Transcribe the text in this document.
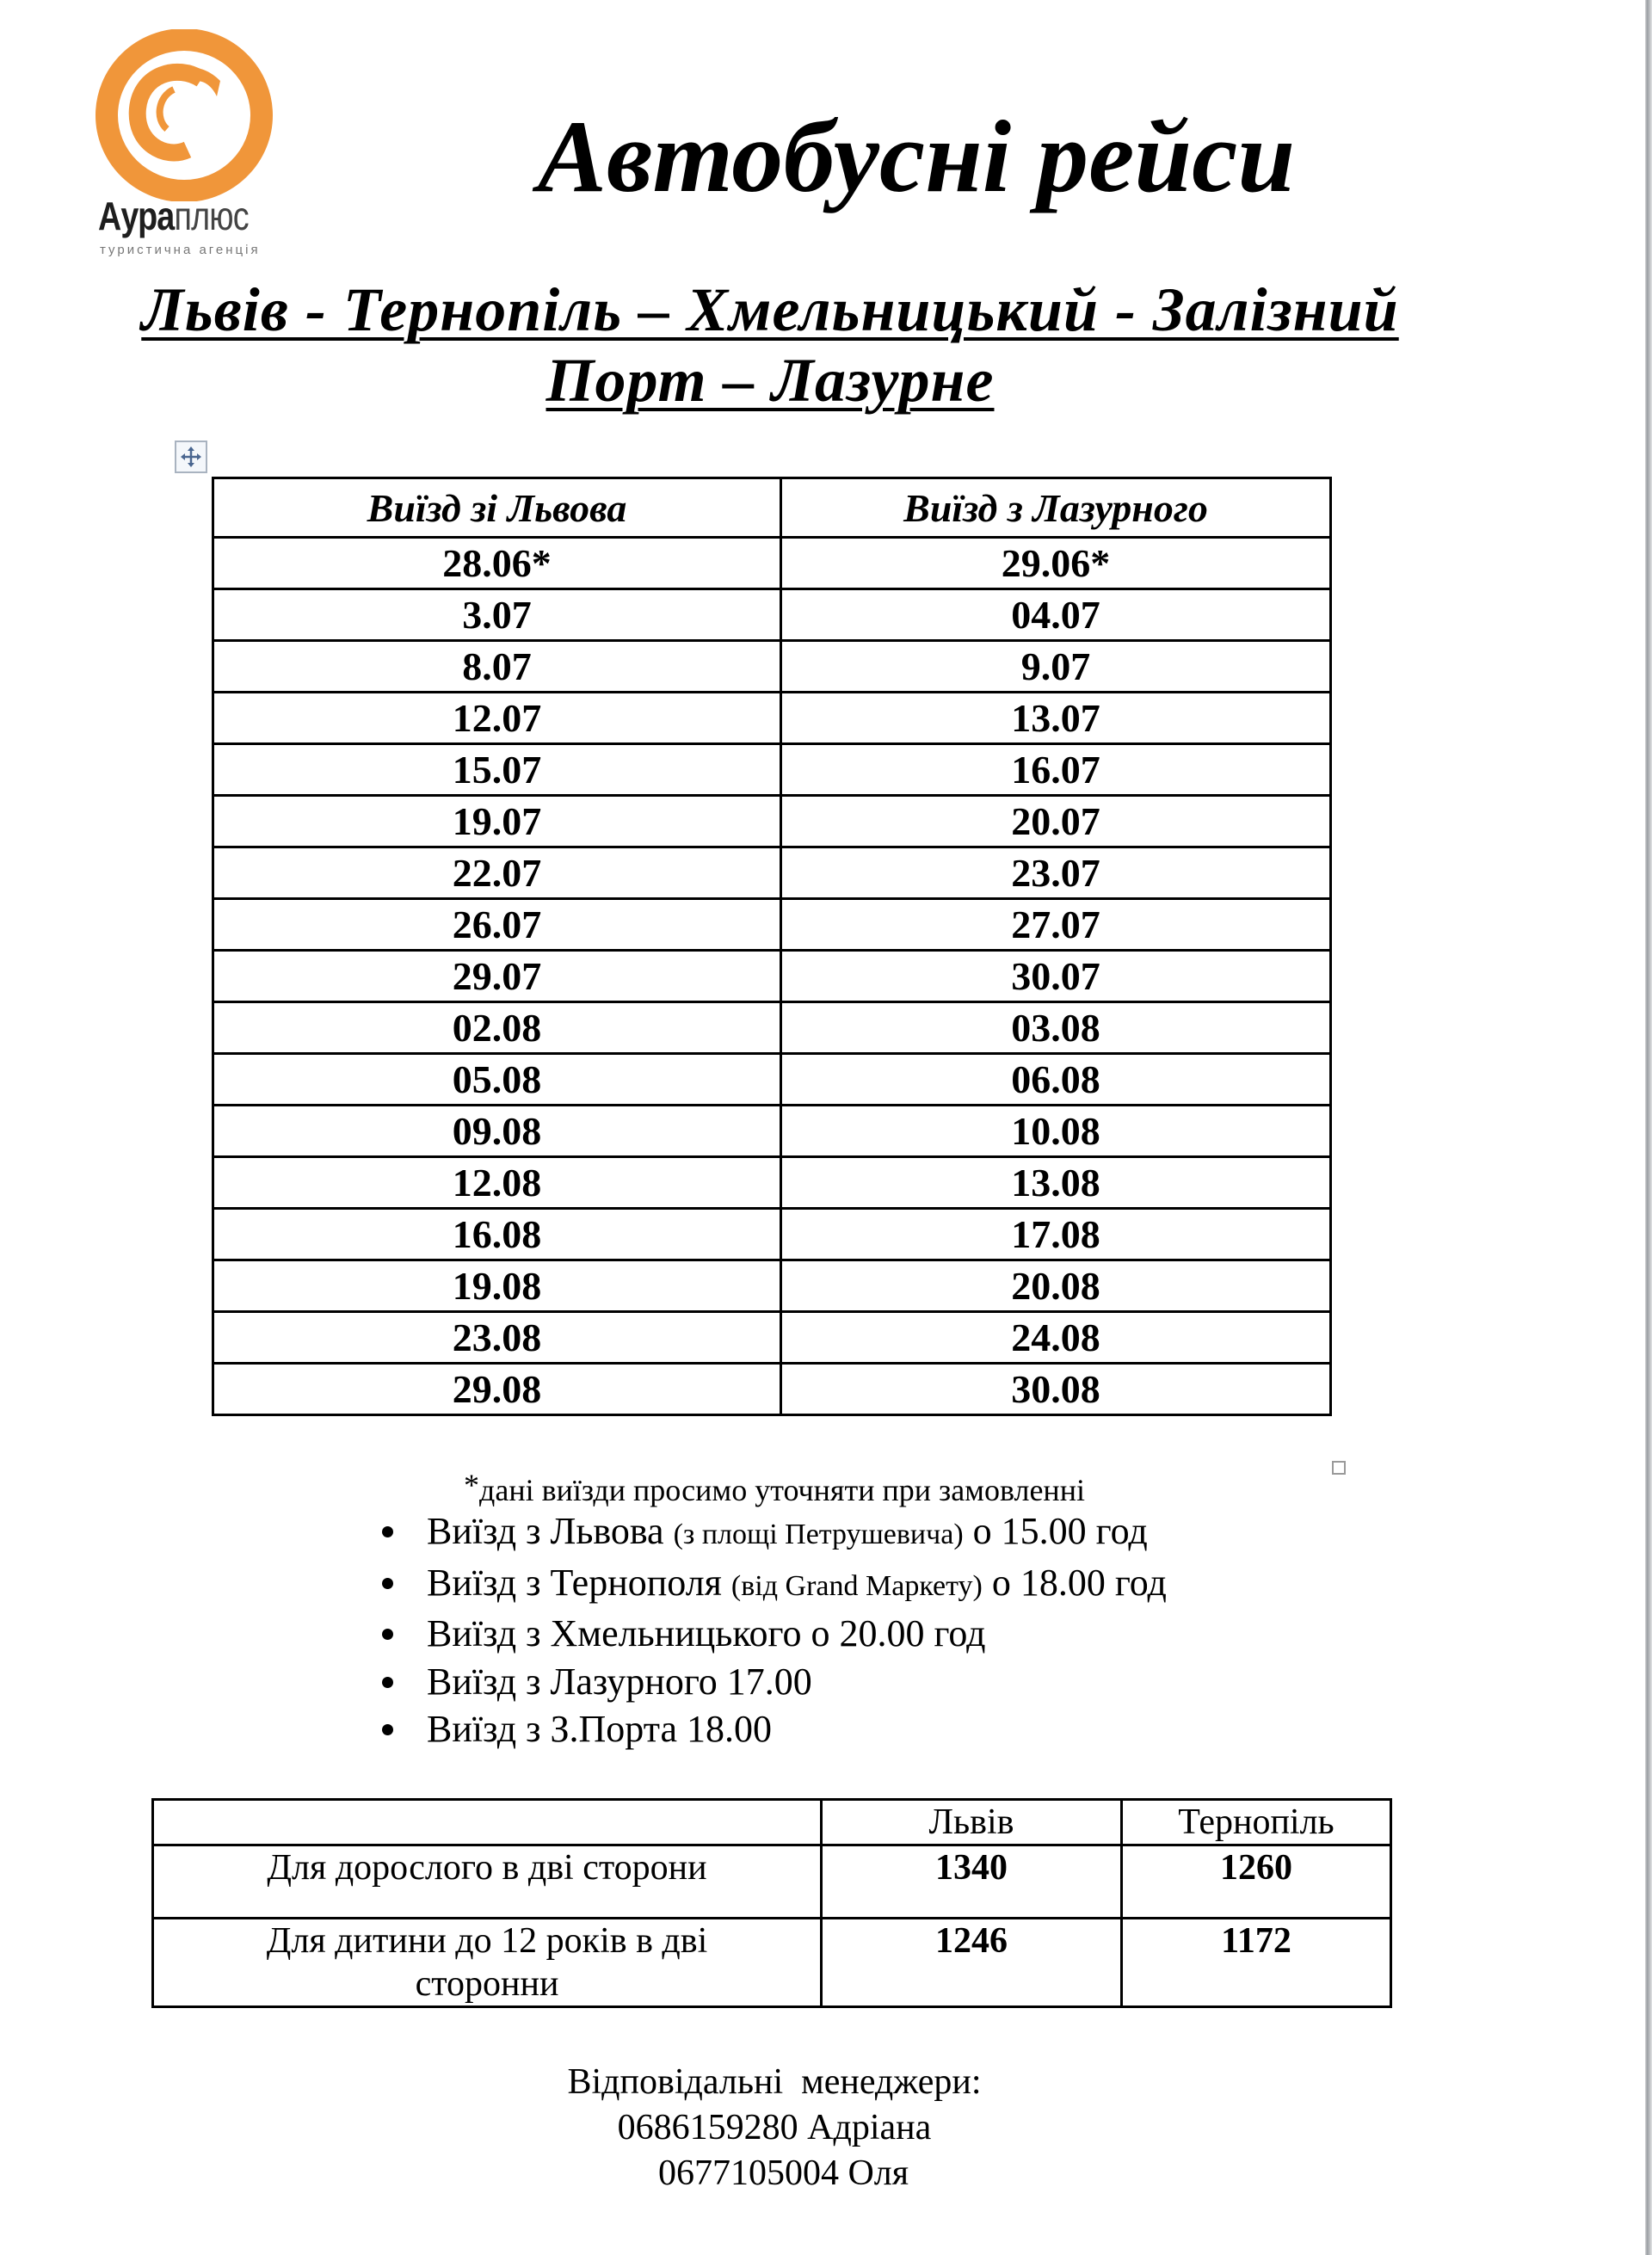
Аураплюс
туристична агенція
Автобусні рейси
Львів - Тернопіль – Хмельницький - Залізний
Порт – Лазурне
Виїзд зі Львова	Виїзд з Лазурного
28.06*	29.06*
3.07	04.07
8.07	9.07
12.07	13.07
15.07	16.07
19.07	20.07
22.07	23.07
26.07	27.07
29.07	30.07
02.08	03.08
05.08	06.08
09.08	10.08
12.08	13.08
16.08	17.08
19.08	20.08
23.08	24.08
29.08	30.08
*дані виїзди просимо уточняти при замовленні
Виїзд з Львова (з площі Петрушевича) о 15.00 год
Виїзд з Тернополя (від Grand Маркету) о 18.00 год
Виїзд з Хмельницького о 20.00 год
Виїзд з Лазурного 17.00
Виїзд з З.Порта 18.00
	Львів	Тернопіль
Для дорослого в дві сторони	1340	1260
Для дитини до 12 років в дві сторонни	1246	1172
Відповідальні  менеджери:
0686159280 Адріана
0677105004 Оля
